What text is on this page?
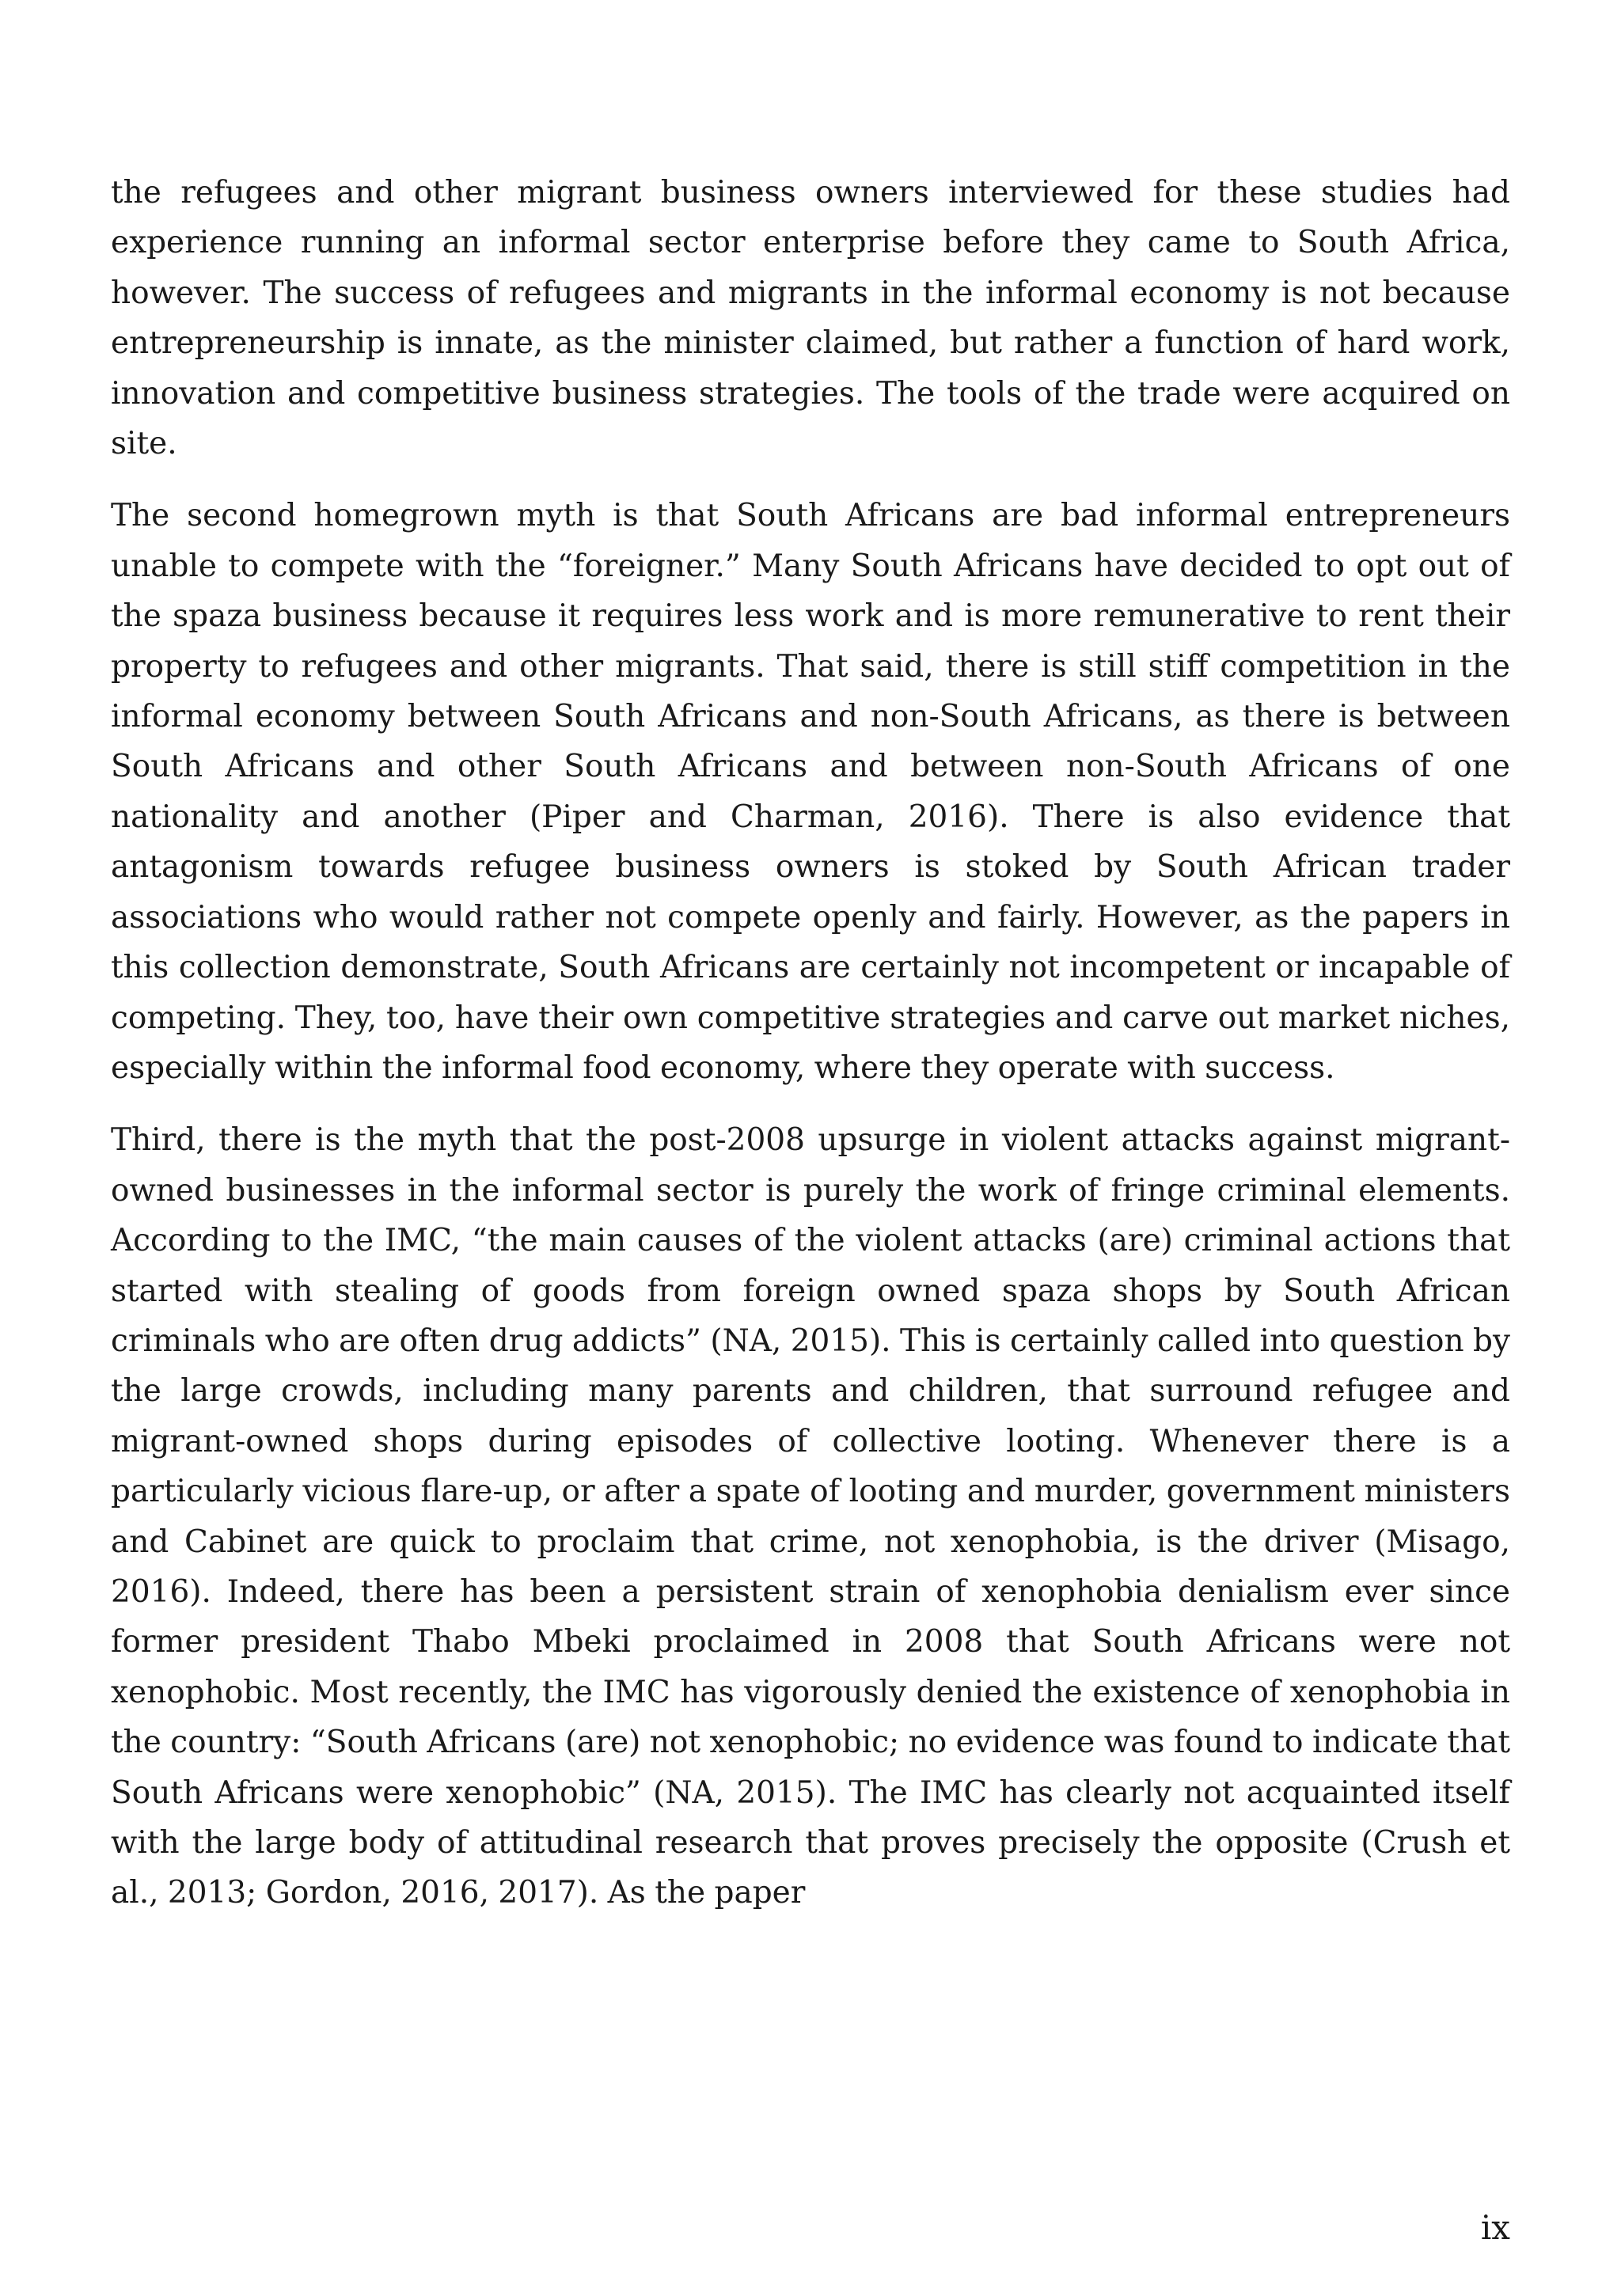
the refugees and other migrant business owners interviewed for these studies had experience running an informal sector enterprise before they came to South Africa, however. The success of refugees and migrants in the informal economy is not because entrepreneurship is innate, as the minister claimed, but rather a function of hard work, innovation and competitive business strategies. The tools of the trade were acquired on site.

The second homegrown myth is that South Africans are bad informal entrepreneurs unable to compete with the “foreigner.” Many South Africans have decided to opt out of the spaza business because it requires less work and is more remunerative to rent their property to refugees and other migrants. That said, there is still stiff competition in the informal economy between South Africans and non-South Africans, as there is between South Africans and other South Africans and between non-South Africans of one nationality and another (Piper and Charman, 2016). There is also evidence that antagonism towards refugee business owners is stoked by South African trader associations who would rather not compete openly and fairly. However, as the papers in this collection demonstrate, South Africans are certainly not incompetent or incapable of competing. They, too, have their own competitive strategies and carve out market niches, especially within the informal food economy, where they operate with success.

Third, there is the myth that the post-2008 upsurge in violent attacks against migrant-owned businesses in the informal sector is purely the work of fringe criminal elements. According to the IMC, “the main causes of the violent attacks (are) criminal actions that started with stealing of goods from foreign owned spaza shops by South African criminals who are often drug addicts” (NA, 2015). This is certainly called into question by the large crowds, including many parents and children, that surround refugee and migrant-owned shops during episodes of collective looting. Whenever there is a particularly vicious flare-up, or after a spate of looting and murder, government ministers and Cabinet are quick to proclaim that crime, not xenophobia, is the driver (Misago, 2016). Indeed, there has been a persistent strain of xenophobia denialism ever since former president Thabo Mbeki proclaimed in 2008 that South Africans were not xenophobic. Most recently, the IMC has vigorously denied the existence of xenophobia in the country: “South Africans (are) not xenophobic; no evidence was found to indicate that South Africans were xenophobic” (NA, 2015). The IMC has clearly not acquainted itself with the large body of attitudinal research that proves precisely the opposite (Crush et al., 2013; Gordon, 2016, 2017). As the paper

ix
